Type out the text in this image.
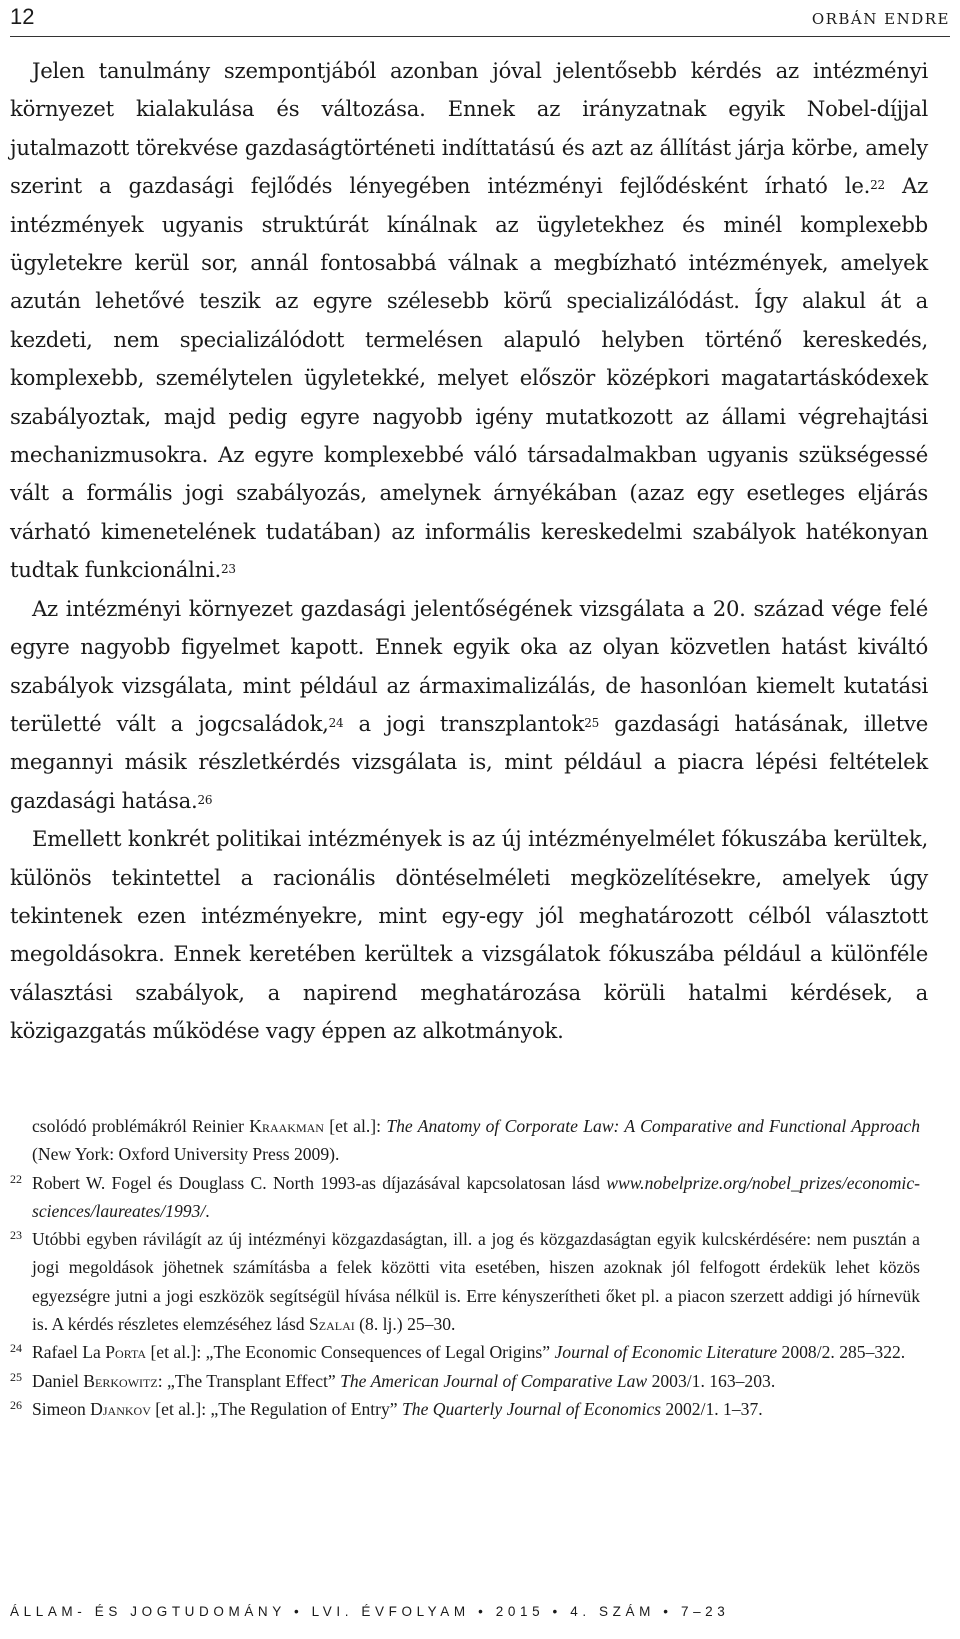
12	ORBÁN ENDRE

Jelen tanulmány szempontjából azonban jóval jelentősebb kérdés az intézményi környezet kialakulása és változása. Ennek az irányzatnak egyik Nobel-díjjal jutalmazott törekvése gazdaságtörténeti indíttatású és azt az állítást járja körbe, amely szerint a gazdasági fejlődés lényegében intézményi fejlődésként írható le.$^{22}$ Az intézmények ugyanis struktúrát kínálnak az ügyletekhez és minél komplexebb ügyletekre kerül sor, annál fontosabbá válnak a megbízható intézmények, amelyek azután lehetővé teszik az egyre szélesebb körű specializálódást. Így alakul át a kezdeti, nem specializálódott termelésen alapuló helyben történő kereskedés, komplexebb, személytelen ügyletekké, melyet először középkori magatartáskódexek szabályoztak, majd pedig egyre nagyobb igény mutatkozott az állami végrehajtási mechanizmusokra. Az egyre komplexebbé váló társadalmakban ugyanis szükségessé vált a formális jogi szabályozás, amelynek árnyékában (azaz egy esetleges eljárás várható kimenetelének tudatában) az informális kereskedelmi szabályok hatékonyan tudtak funkcionálni.$^{23}$

Az intézményi környezet gazdasági jelentőségének vizsgálata a 20. század vége felé egyre nagyobb figyelmet kapott. Ennek egyik oka az olyan közvetlen hatást kiváltó szabályok vizsgálata, mint például az ármaximalizálás, de hasonlóan kiemelt kutatási területté vált a jogcsaládok,$^{24}$ a jogi transzplantok$^{25}$ gazdasági hatásának, illetve megannyi másik részletkérdés vizsgálata is, mint például a piacra lépési feltételek gazdasági hatása.$^{26}$

Emellett konkrét politikai intézmények is az új intézményelmélet fókuszába kerültek, különös tekintettel a racionális döntéselméleti megközelítésekre, amelyek úgy tekintenek ezen intézményekre, mint egy-egy jól meghatározott célból választott megoldásokra. Ennek keretében kerültek a vizsgálatok fókuszába például a különféle választási szabályok, a napirend meghatározása körüli hatalmi kérdések, a közigazgatás működése vagy éppen az alkotmányok.

csolódó problémákról Reinier Kraakman [et al.]: The Anatomy of Corporate Law: A Comparative and Functional Approach (New York: Oxford University Press 2009).
22 Robert W. Fogel és Douglass C. North 1993-as díjazásával kapcsolatosan lásd www.nobelprize.org/nobel_prizes/economic-sciences/laureates/1993/.
23 Utóbbi egyben rávilágít az új intézményi közgazdaságtan, ill. a jog és közgazdaságtan egyik kulcskérdésére: nem pusztán a jogi megoldások jöhetnek számításba a felek közötti vita esetében, hiszen azoknak jól felfogott érdekük lehet közös egyezségre jutni a jogi eszközök segítségül hívása nélkül is. Erre kényszerítheti őket pl. a piacon szerzett addigi jó hírnevük is. A kérdés részletes elemzéséhez lásd Szalai (8. lj.) 25–30.
24 Rafael La Porta [et al.]: „The Economic Consequences of Legal Origins” Journal of Economic Literature 2008/2. 285–322.
25 Daniel Berkowitz: „The Transplant Effect” The American Journal of Comparative Law 2003/1. 163–203.
26 Simeon Djankov [et al.]: „The Regulation of Entry” The Quarterly Journal of Economics 2002/1. 1–37.
ÁLLAM- ÉS JOGTUDOMÁNY • LVI. ÉVFOLYAM • 2015 • 4. SZÁM • 7–23
